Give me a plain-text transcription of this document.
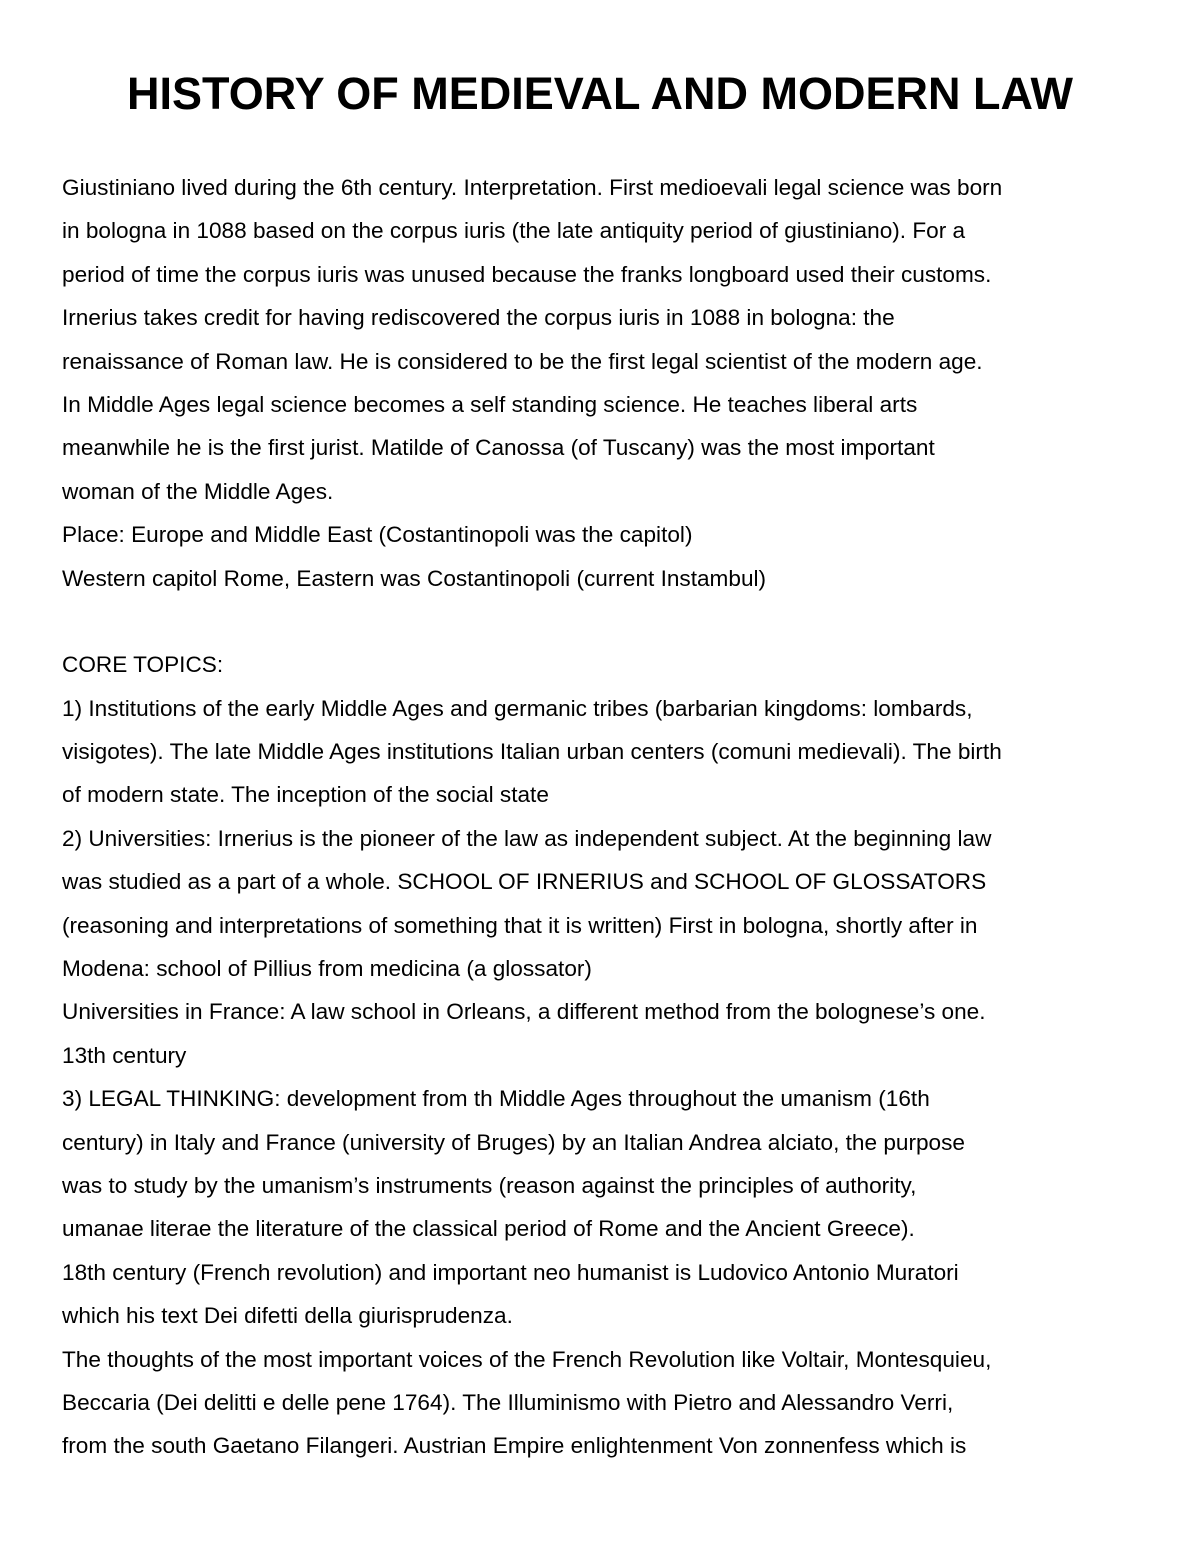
HISTORY OF MEDIEVAL AND MODERN LAW
Giustiniano lived during the 6th century. Interpretation. First medioevali legal science was born
in bologna in 1088 based on the corpus iuris (the late antiquity period of giustiniano). For a
period of time the corpus iuris was unused because the franks longboard used their customs.
Irnerius takes credit for having rediscovered the corpus iuris in 1088 in bologna: the
renaissance of Roman law. He is considered to be the first legal scientist of the modern age.
In Middle Ages legal science becomes a self standing science. He teaches liberal arts
meanwhile he is the first jurist. Matilde of Canossa (of Tuscany) was the most important
woman of the Middle Ages.
Place: Europe and Middle East (Costantinopoli was the capitol)
Western capitol Rome, Eastern was Costantinopoli (current Instambul)
CORE TOPICS:
1) Institutions of the early Middle Ages and germanic tribes (barbarian kingdoms: lombards,
visigotes). The late Middle Ages institutions Italian urban centers (comuni medievali). The birth
of modern state. The inception of the social state
2) Universities: Irnerius is the pioneer of the law as independent subject. At the beginning law
was studied as a part of a whole. SCHOOL OF IRNERIUS and SCHOOL OF GLOSSATORS
(reasoning and interpretations of something that it is written) First in bologna, shortly after in
Modena: school of Pillius from medicina (a glossator)
Universities in France: A law school in Orleans, a different method from the bolognese’s one.
13th century
3) LEGAL THINKING: development from th Middle Ages throughout the umanism (16th
century) in Italy and France (university of Bruges) by an Italian Andrea alciato, the purpose
was to study by the umanism’s instruments (reason against the principles of authority,
umanae literae the literature of the classical period of Rome and the Ancient Greece).
18th century (French revolution) and important neo humanist is Ludovico Antonio Muratori
which his text Dei difetti della giurisprudenza.
The thoughts of the most important voices of the French Revolution like Voltair, Montesquieu,
Beccaria (Dei delitti e delle pene 1764). The Illuminismo with Pietro and Alessandro Verri,
from the south Gaetano Filangeri. Austrian Empire enlightenment Von zonnenfess which is
